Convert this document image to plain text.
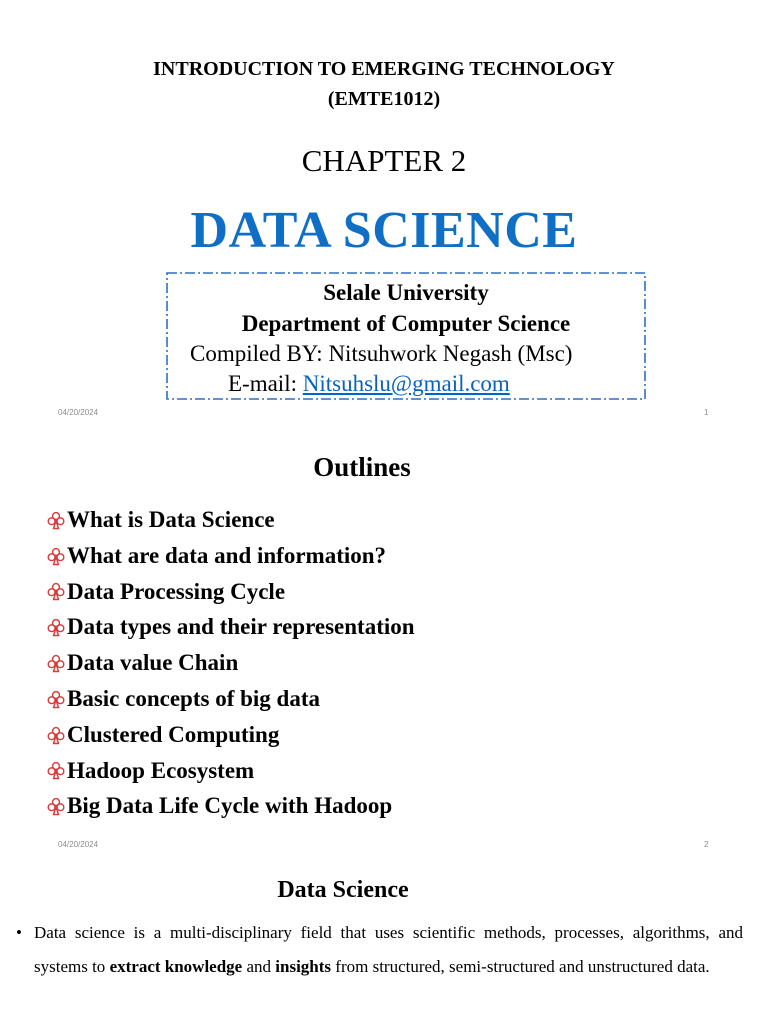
INTRODUCTION TO EMERGING TECHNOLOGY
(EMTE1012)
CHAPTER 2
DATA SCIENCE
Selale University
Department of Computer Science
Compiled BY: Nitsuhwork Negash (Msc)
E-mail: Nitsuhslu@gmail.com
04/20/2024	1
Outlines
What is Data Science
What are data and information?
Data Processing Cycle
Data types and their representation
Data value Chain
Basic concepts of big data
Clustered Computing
Hadoop Ecosystem
Big Data Life Cycle with Hadoop
04/20/2024	2
Data Science
• Data science is a multi-disciplinary field that uses scientific methods, processes, algorithms, and systems to extract knowledge and insights from structured, semi-structured and unstructured data.
